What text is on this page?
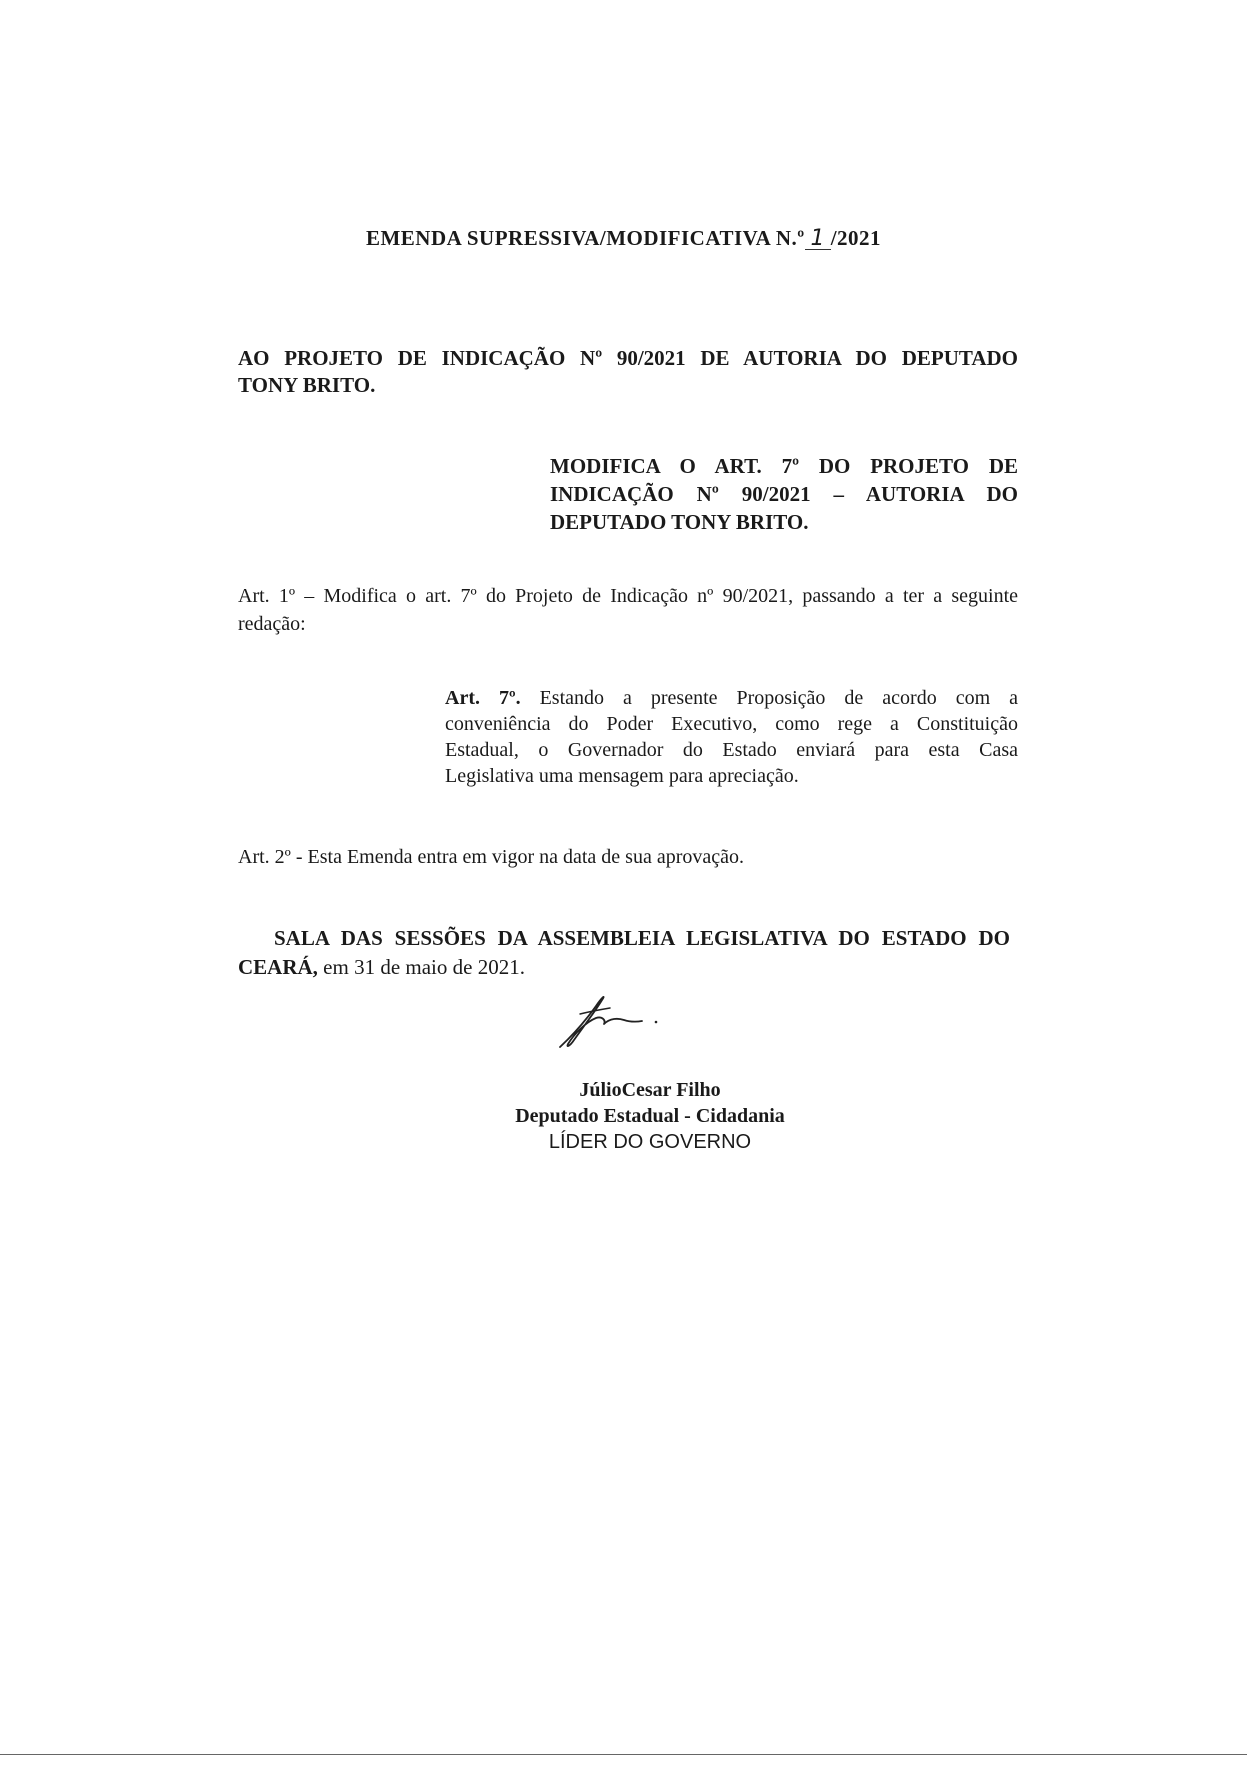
EMENDA SUPRESSIVA/MODIFICATIVA N.º 1 /2021
AO PROJETO DE INDICAÇÃO Nº 90/2021 DE AUTORIA DO DEPUTADO
TONY BRITO.
MODIFICA O ART. 7º DO PROJETO DE
INDICAÇÃO Nº 90/2021 – AUTORIA DO
DEPUTADO TONY BRITO.
Art. 1º – Modifica o art. 7º do Projeto de Indicação nº 90/2021, passando a ter a seguinte
redação:
Art. 7º. Estando a presente Proposição de acordo com a
conveniência do Poder Executivo, como rege a Constituição
Estadual, o Governador do Estado enviará para esta Casa
Legislativa uma mensagem para apreciação.
Art. 2º - Esta Emenda entra em vigor na data de sua aprovação.
SALA DAS SESSÕES DA ASSEMBLEIA LEGISLATIVA DO ESTADO DO
CEARÁ, em 31 de maio de 2021.
JúlioCesar Filho
Deputado Estadual - Cidadania
LÍDER DO GOVERNO
